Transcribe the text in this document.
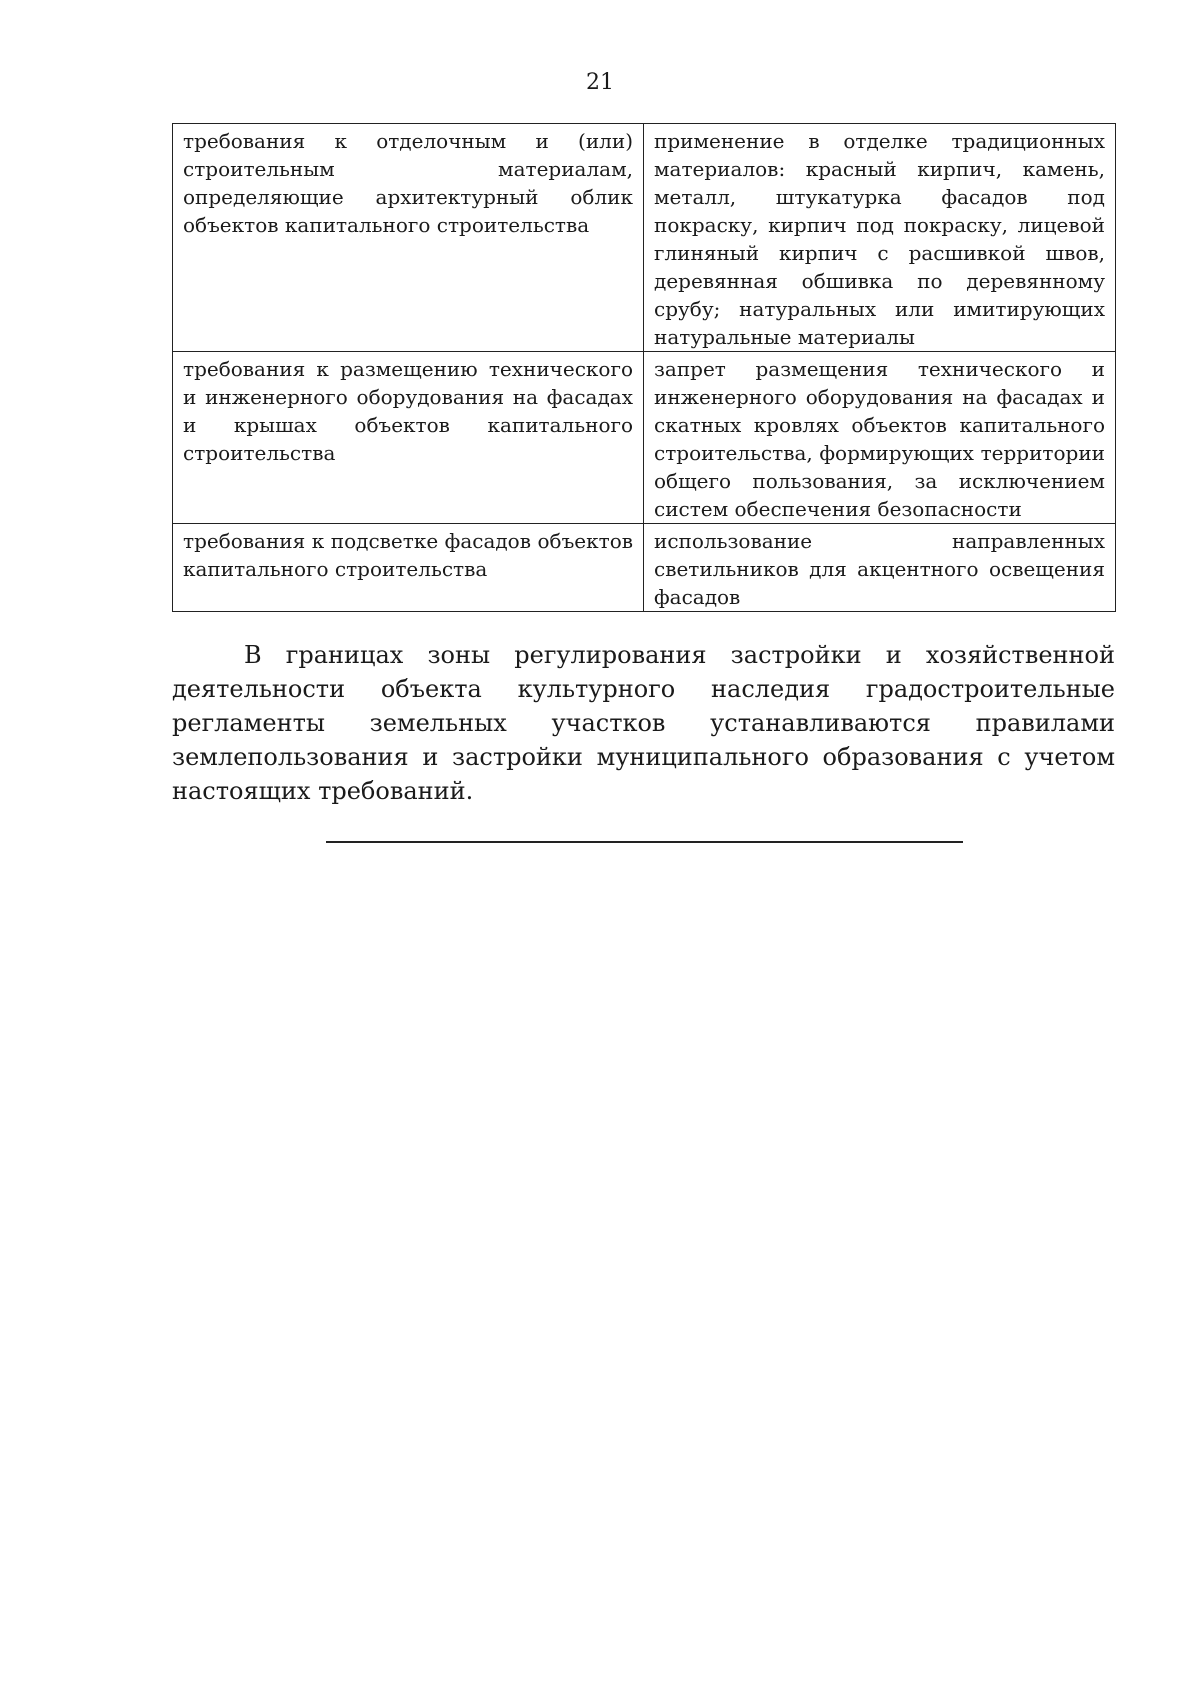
21
требования к отделочным и (или) строительным материалам, определяющие архитектурный облик объектов капитального строительства	применение в отделке традиционных материалов: красный кирпич, камень, металл, штукатурка фасадов под покраску, кирпич под покраску, лицевой глиняный кирпич с расшивкой швов, деревянная обшивка по деревянному срубу; натуральных или имитирующих натуральные материалы
требования к размещению технического и инженерного оборудования на фасадах и крышах объектов капитального строительства	запрет размещения технического и инженерного оборудования на фасадах и скатных кровлях объектов капитального строительства, формирующих территории общего пользования, за исключением систем обеспечения безопасности
требования к подсветке фасадов объектов капитального строительства	использование направленных светильников для акцентного освещения фасадов

В границах зоны регулирования застройки и хозяйственной деятельности объекта культурного наследия градостроительные регламенты земельных участков устанавливаются правилами землепользования и застройки муниципального образования с учетом настоящих требований.
